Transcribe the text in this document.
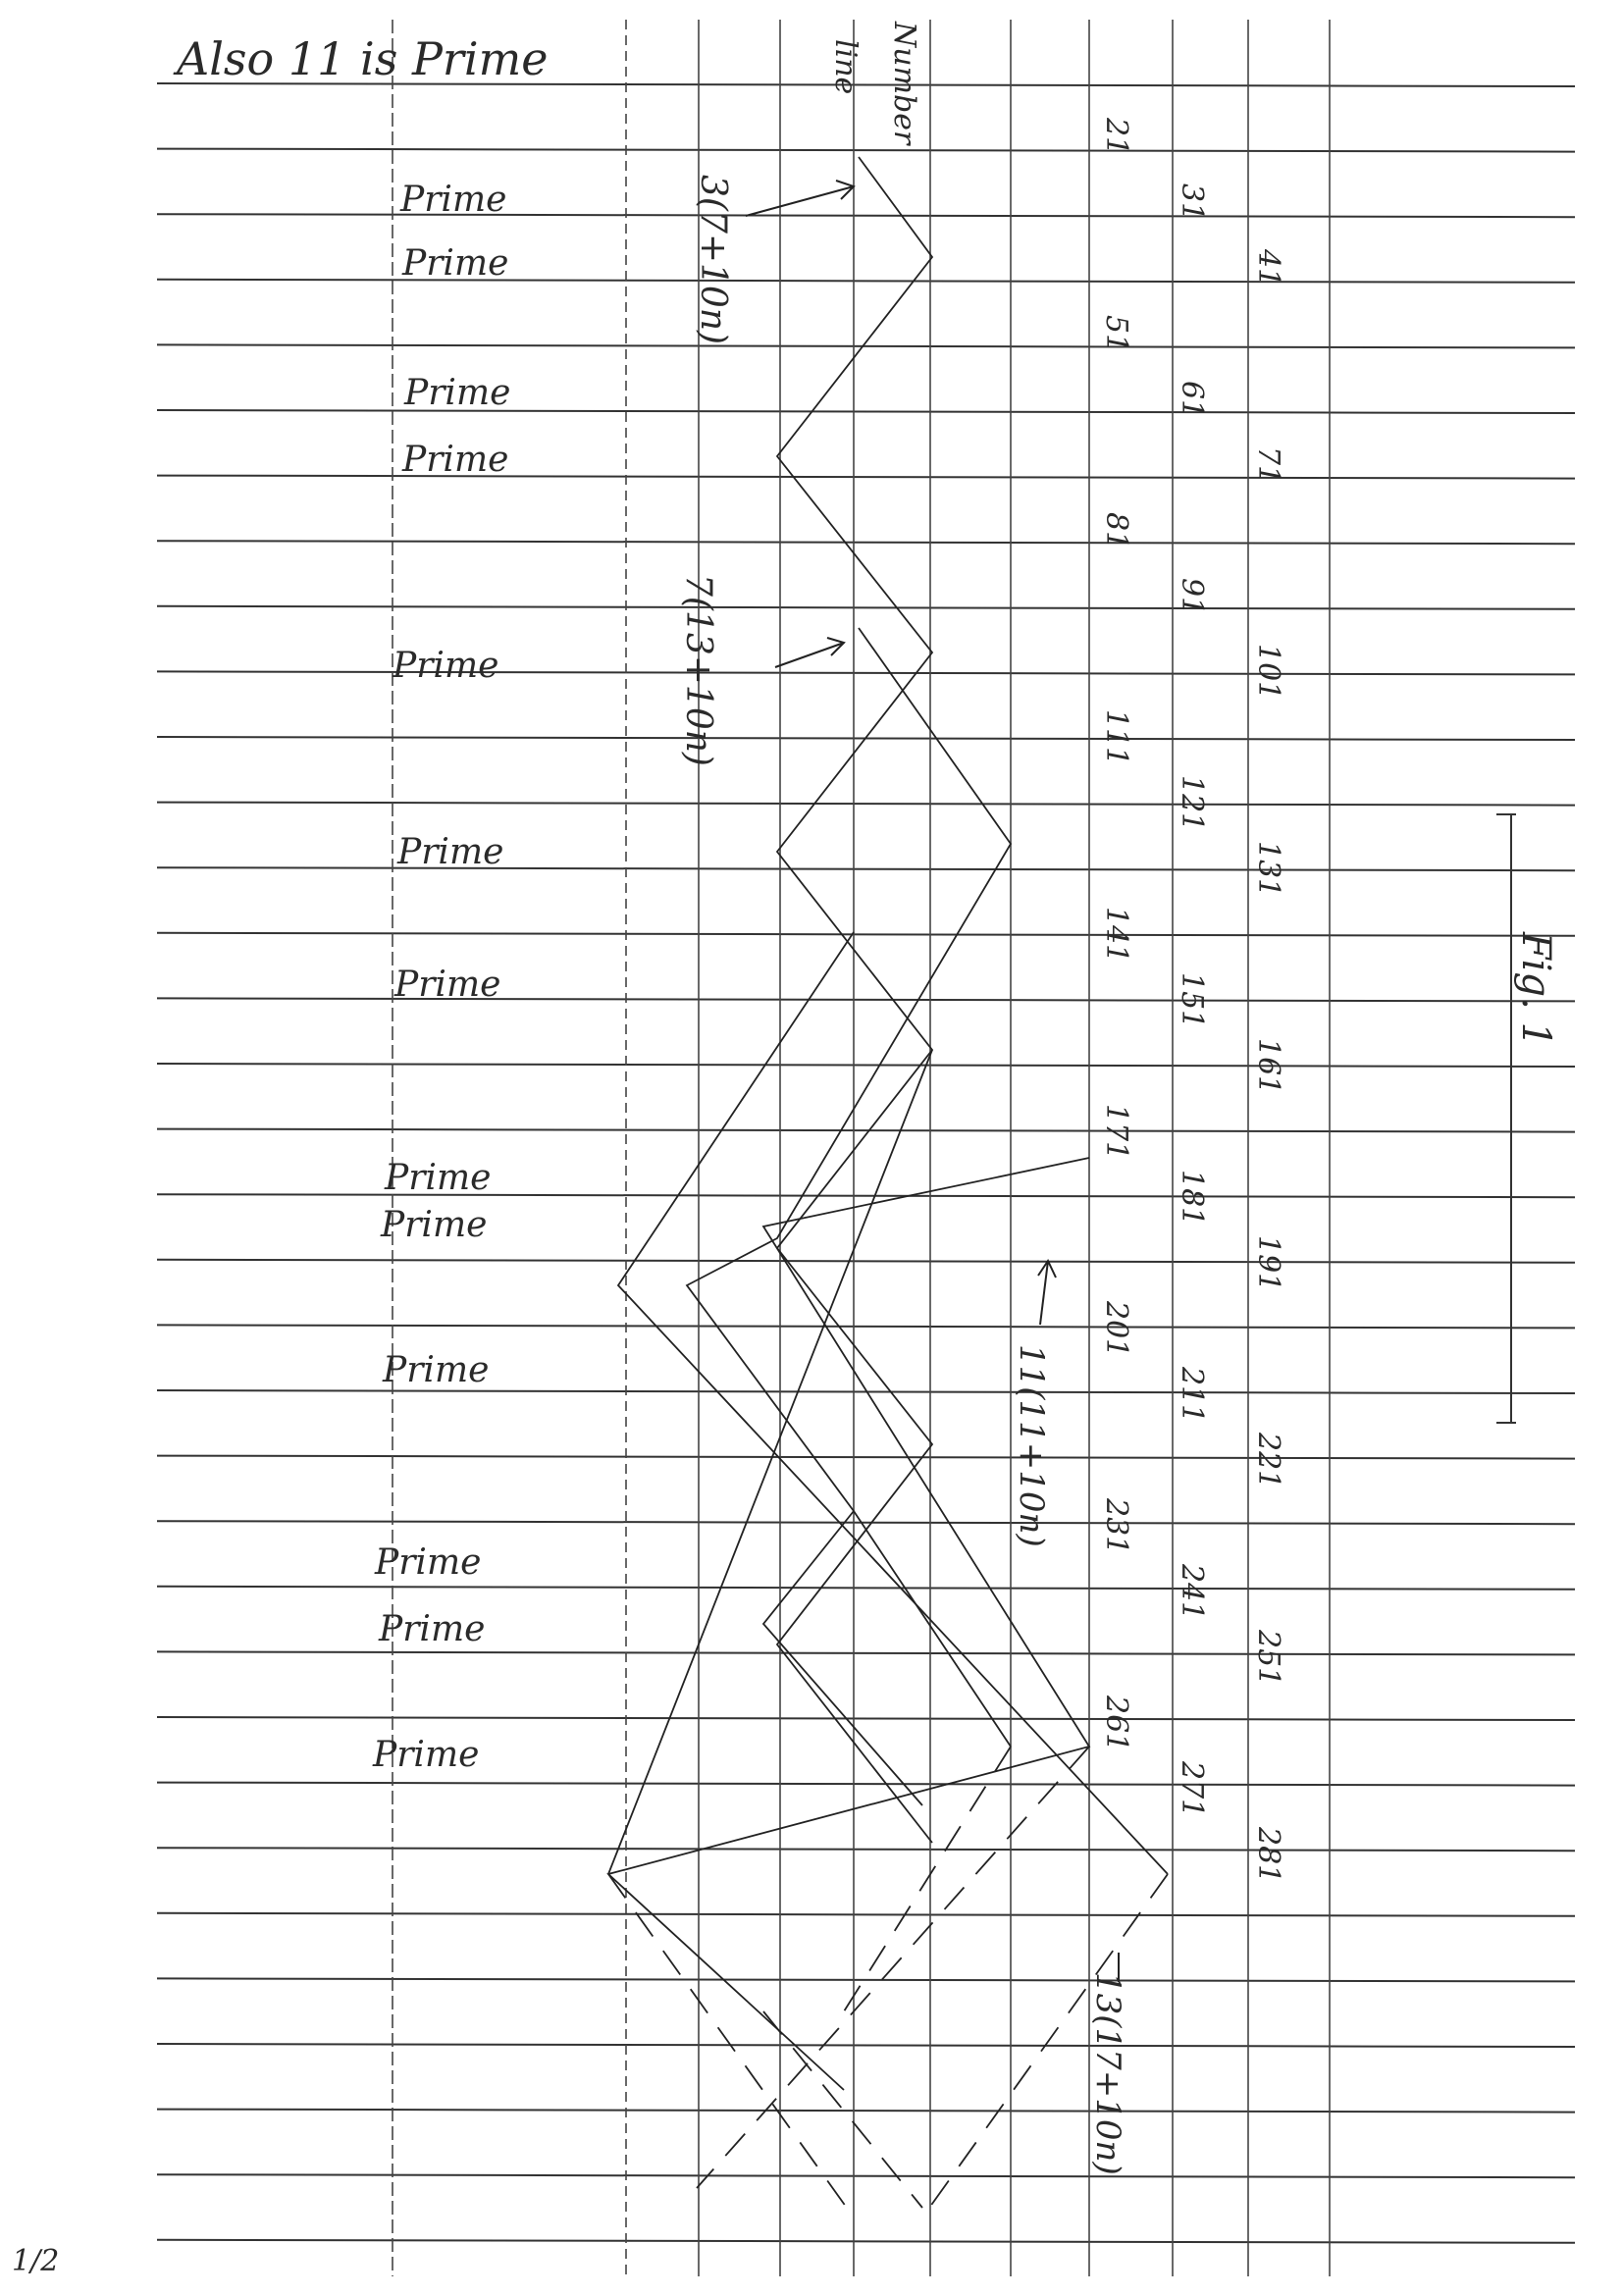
Also 11 is Prime	line Number
Prime
Prime
Prime
Prime
Prime
Prime
Prime
Prime
Prime
Prime
Prime
Prime
Prime
21
31
41
51
61
71
81
91
101
111
121
131
141
151
161
171
181
191
201
211
221
231
241
251
261
271
281
3(7+10n)
7(13+10n)
11(11+10n)
13(17+10n)
Fig. 1
1/2
